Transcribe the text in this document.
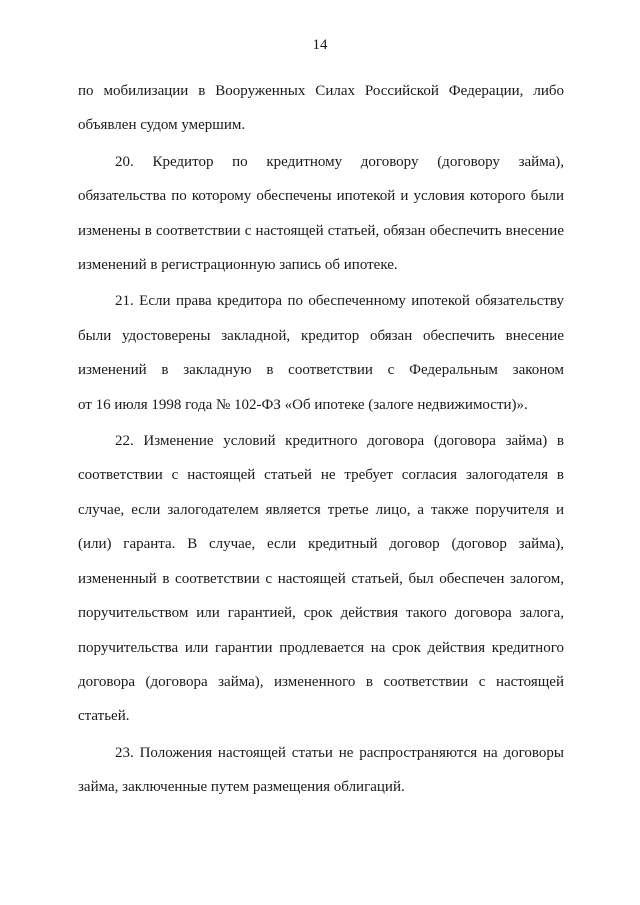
14
по мобилизации в Вооруженных Силах Российской Федерации, либо
объявлен судом умершим.
20. Кредитор по кредитному договору (договору займа),
обязательства по которому обеспечены ипотекой и условия которого были
изменены в соответствии с настоящей статьей, обязан обеспечить внесение
изменений в регистрационную запись об ипотеке.
21. Если права кредитора по обеспеченному ипотекой обязательству
были удостоверены закладной, кредитор обязан обеспечить внесение
изменений в закладную в соответствии с Федеральным законом
от 16 июля 1998 года № 102-ФЗ «Об ипотеке (залоге недвижимости)».
22. Изменение условий кредитного договора (договора займа) в
соответствии с настоящей статьей не требует согласия залогодателя в
случае, если залогодателем является третье лицо, а также поручителя и
(или) гаранта. В случае, если кредитный договор (договор займа),
измененный в соответствии с настоящей статьей, был обеспечен залогом,
поручительством или гарантией, срок действия такого договора залога,
поручительства или гарантии продлевается на срок действия кредитного
договора (договора займа), измененного в соответствии с настоящей
статьей.
23. Положения настоящей статьи не распространяются на договоры
займа, заключенные путем размещения облигаций.
